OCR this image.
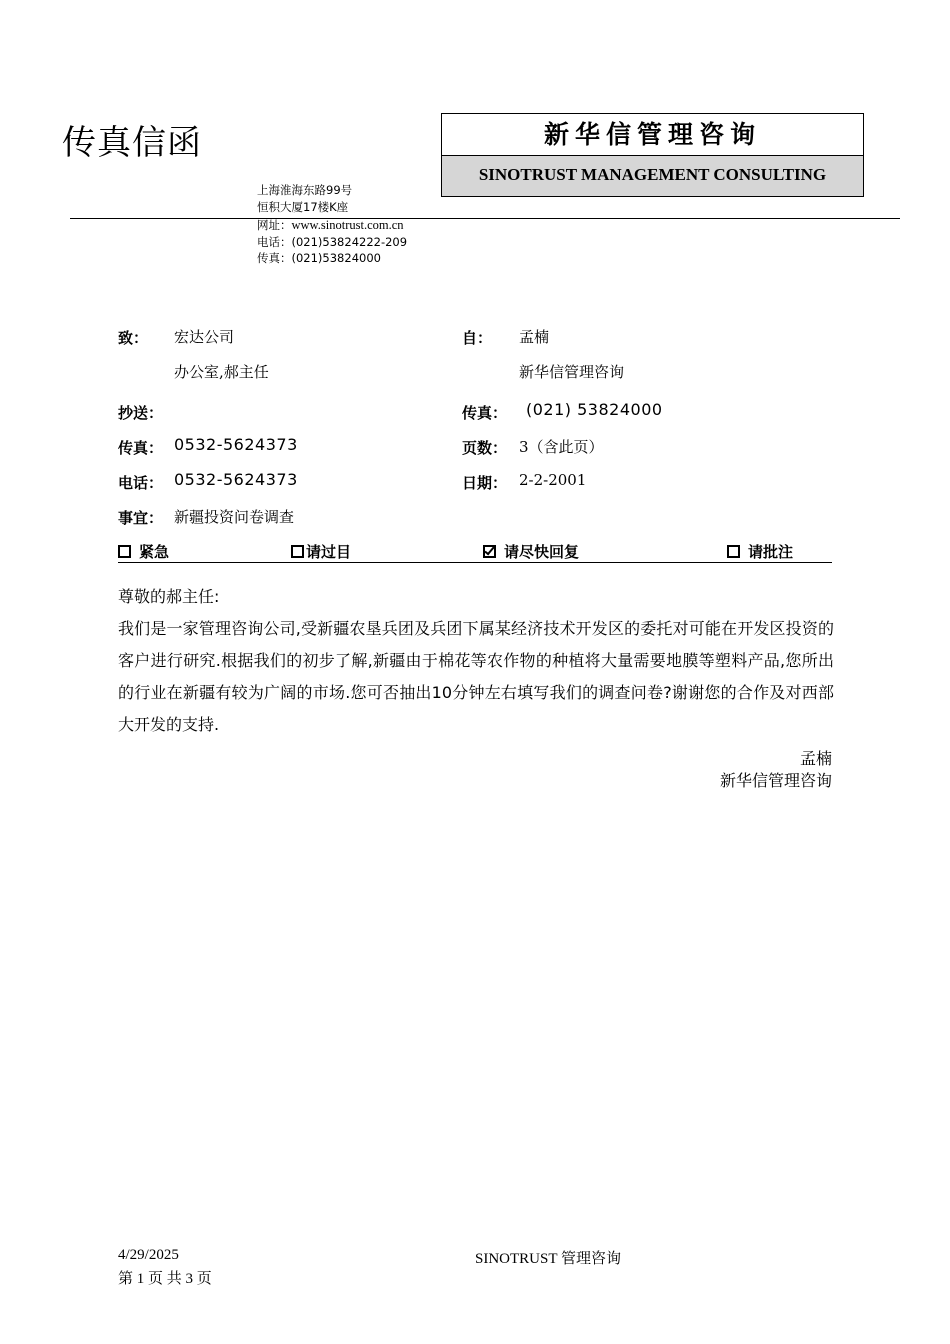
传真信函	新华信管理咨询
SINOTRUST MANAGEMENT CONSULTING
上海淮海东路99号
恒积大厦17楼K座
网址：www.sinotrust.com.cn
电话：(021)53824222-209
传真：(021)53824000
致： 宏达公司
办公室,郝主任
自： 孟楠
新华信管理咨询
抄送：	传真： (021) 53824000
传真： 0532-5624373	页数： 3（含此页）
电话： 0532-5624373	日期： 2-2-2001
事宜： 新疆投资问卷调查
紧急	请过目	请尽快回复	请批注
尊敬的郝主任:
我们是一家管理咨询公司,受新疆农垦兵团及兵团下属某经济技术开发区的委托对可能在开发区投资的客户进行研究.根据我们的初步了解,新疆由于棉花等农作物的种植将大量需要地膜等塑料产品,您所出的行业在新疆有较为广阔的市场.您可否抽出10分钟左右填写我们的调查问卷?谢谢您的合作及对西部大开发的支持.
孟楠
新华信管理咨询
4/29/2025
第 1 页 共 3 页
SINOTRUST 管理咨询
